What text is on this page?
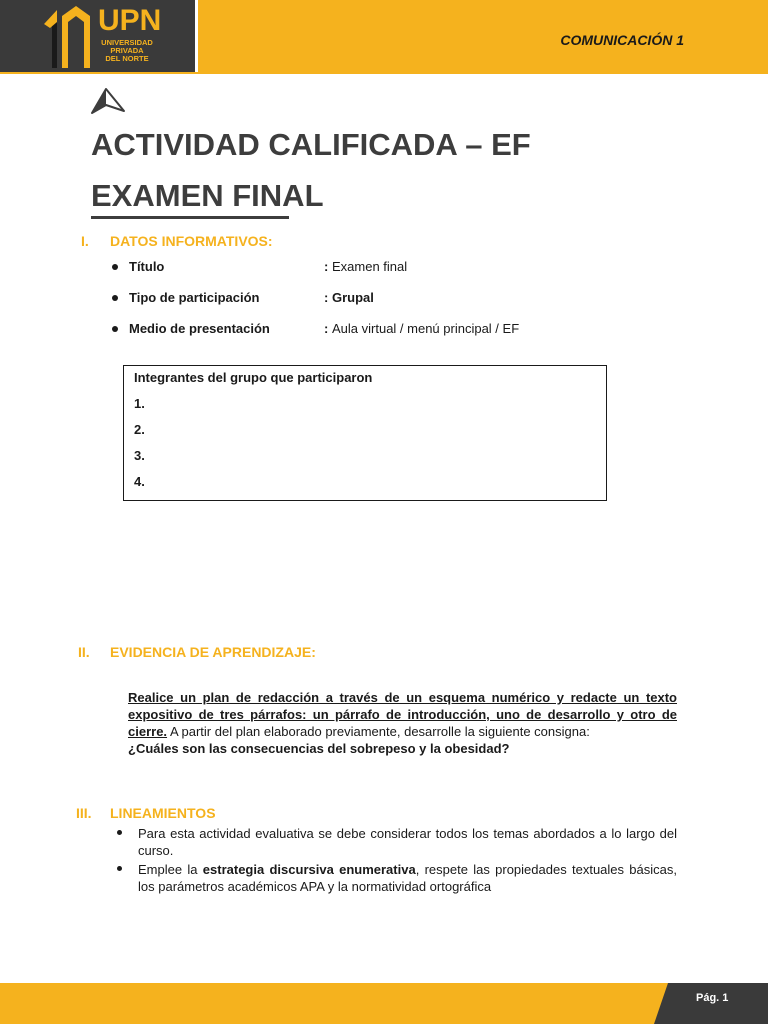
UPN
UNIVERSIDAD
PRIVADA
DEL NORTE
COMUNICACIÓN 1
ACTIVIDAD CALIFICADA – EF
EXAMEN FINAL
I. DATOS INFORMATIVOS:
Título	: Examen final
Tipo de participación	: Grupal
Medio de presentación	: Aula virtual / menú principal / EF
Integrantes del grupo que participaron
1.
2.
3.
4.
II. EVIDENCIA DE APRENDIZAJE:
Realice un plan de redacción a través de un esquema numérico y redacte un texto expositivo de tres párrafos: un párrafo de introducción, uno de desarrollo y otro de cierre. A partir del plan elaborado previamente, desarrolle la siguiente consigna:
¿Cuáles son las consecuencias del sobrepeso y la obesidad?
III. LINEAMIENTOS
Para esta actividad evaluativa se debe considerar todos los temas abordados a lo largo del curso.
Emplee la estrategia discursiva enumerativa, respete las propiedades textuales básicas, los parámetros académicos APA y la normatividad ortográfica
Pág. 1
